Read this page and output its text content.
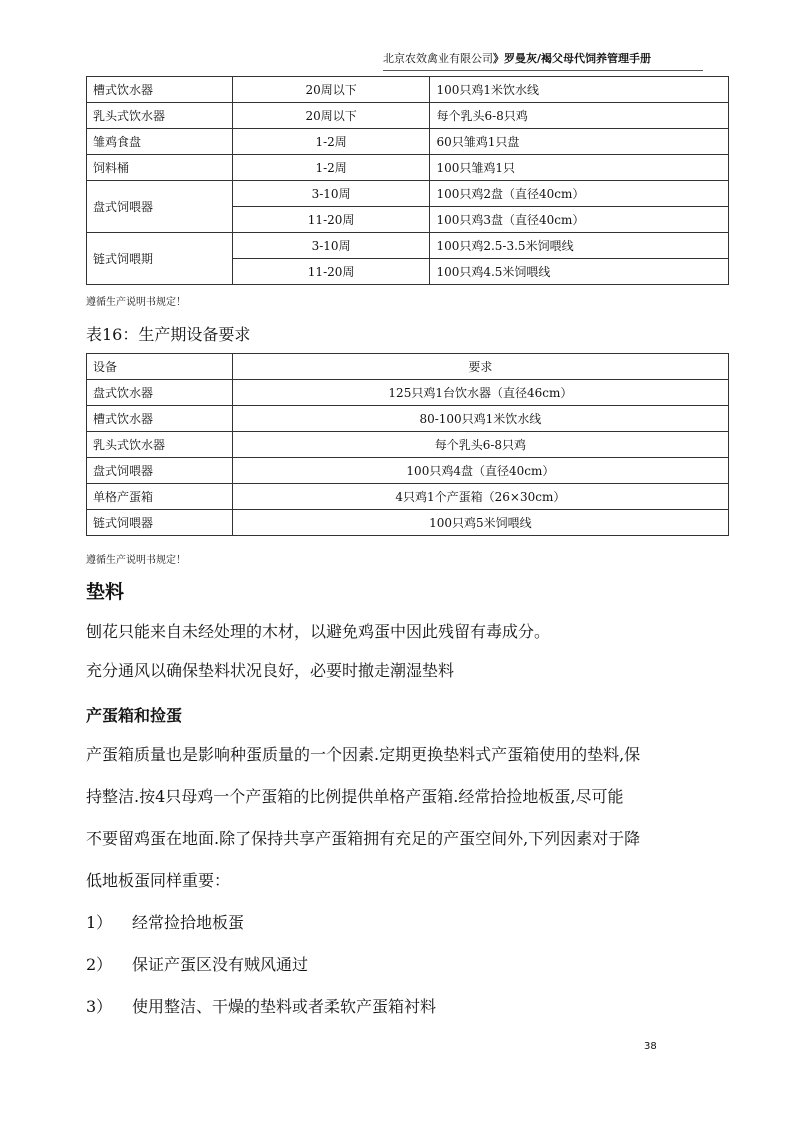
北京农效禽业有限公司》罗曼灰/褐父母代饲养管理手册
槽式饮水器	20周以下	100只鸡1米饮水线
乳头式饮水器	20周以下	每个乳头6-8只鸡
雏鸡食盘	1-2周	60只雏鸡1只盘
饲料桶	1-2周	100只雏鸡1只
盘式饲喂器	3-10周	100只鸡2盘（直径40cm）
	11-20周	100只鸡3盘（直径40cm）
链式饲喂期	3-10周	100只鸡2.5-3.5米饲喂线
	11-20周	100只鸡4.5米饲喂线
遵循生产说明书规定！
表16：生产期设备要求
设备	要求
盘式饮水器	125只鸡1台饮水器（直径46cm）
槽式饮水器	80-100只鸡1米饮水线
乳头式饮水器	每个乳头6-8只鸡
盘式饲喂器	100只鸡4盘（直径40cm）
单格产蛋箱	4只鸡1个产蛋箱（26×30cm）
链式饲喂器	100只鸡5米饲喂线
遵循生产说明书规定！
垫料
刨花只能来自未经处理的木材，以避免鸡蛋中因此残留有毒成分。
充分通风以确保垫料状况良好，必要时撤走潮湿垫料
产蛋箱和捡蛋
产蛋箱质量也是影响种蛋质量的一个因素.定期更换垫料式产蛋箱使用的垫料,保
持整洁.按4只母鸡一个产蛋箱的比例提供单格产蛋箱.经常拾捡地板蛋,尽可能
不要留鸡蛋在地面.除了保持共享产蛋箱拥有充足的产蛋空间外,下列因素对于降
低地板蛋同样重要：
1）	经常捡拾地板蛋
2）	保证产蛋区没有贼风通过
3）	使用整洁、干燥的垫料或者柔软产蛋箱衬料
38
